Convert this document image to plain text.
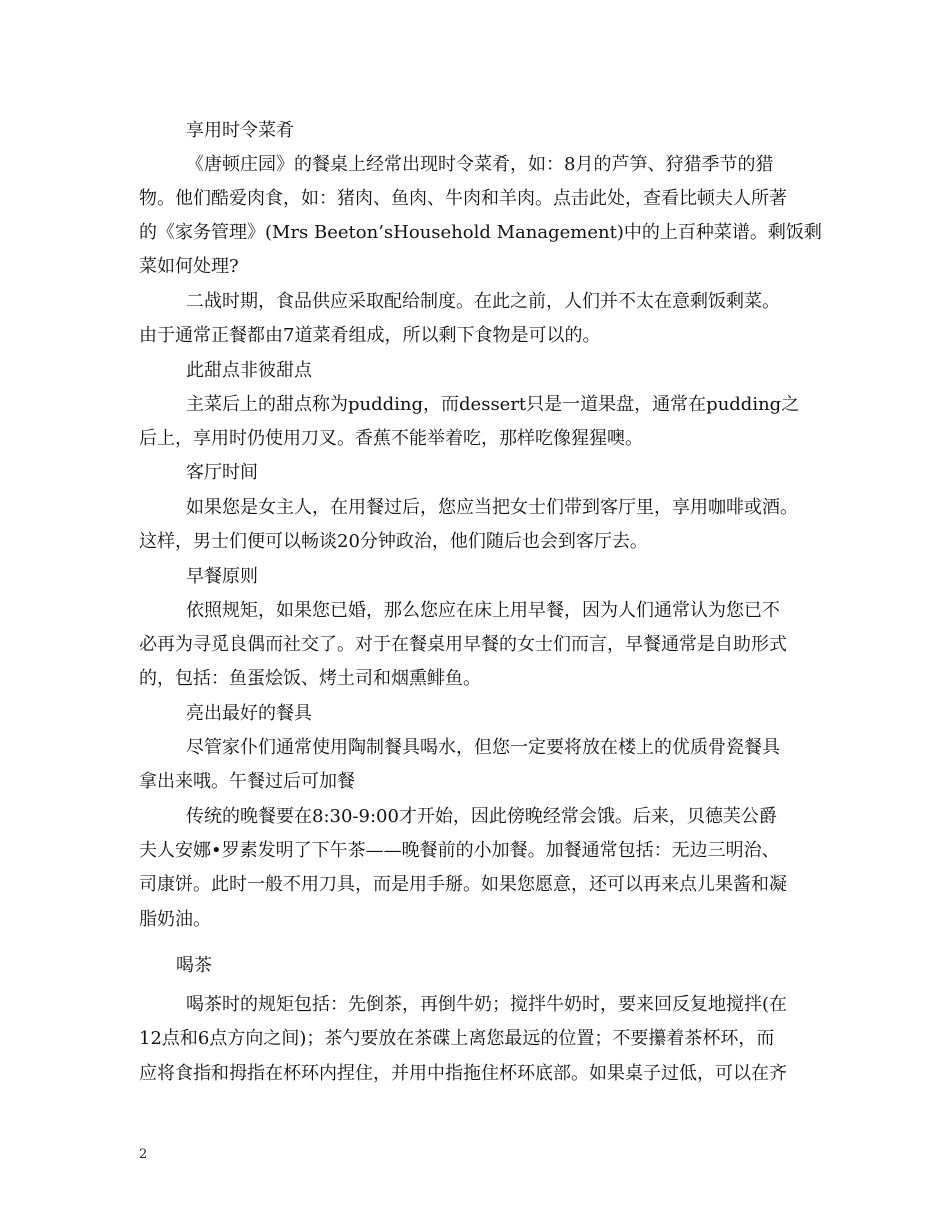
享用时令菜肴
《唐顿庄园》的餐桌上经常出现时令菜肴，如：8月的芦笋、狩猎季节的猎
物。他们酷爱肉食，如：猪肉、鱼肉、牛肉和羊肉。点击此处，查看比顿夫人所著
的《家务管理》(Mrs Beeton’sHousehold Management)中的上百种菜谱。剩饭剩
菜如何处理?
二战时期，食品供应采取配给制度。在此之前，人们并不太在意剩饭剩菜。
由于通常正餐都由7道菜肴组成，所以剩下食物是可以的。
此甜点非彼甜点
主菜后上的甜点称为pudding，而dessert只是一道果盘，通常在pudding之
后上，享用时仍使用刀叉。香蕉不能举着吃，那样吃像猩猩噢。
客厅时间
如果您是女主人，在用餐过后，您应当把女士们带到客厅里，享用咖啡或酒。
这样，男士们便可以畅谈20分钟政治，他们随后也会到客厅去。
早餐原则
依照规矩，如果您已婚，那么您应在床上用早餐，因为人们通常认为您已不
必再为寻觅良偶而社交了。对于在餐桌用早餐的女士们而言，早餐通常是自助形式
的，包括：鱼蛋烩饭、烤土司和烟熏鲱鱼。
亮出最好的餐具
尽管家仆们通常使用陶制餐具喝水，但您一定要将放在楼上的优质骨瓷餐具
拿出来哦。午餐过后可加餐
传统的晚餐要在8:30-9:00才开始，因此傍晚经常会饿。后来，贝德芙公爵
夫人安娜•罗素发明了下午茶——晚餐前的小加餐。加餐通常包括：无边三明治、
司康饼。此时一般不用刀具，而是用手掰。如果您愿意，还可以再来点儿果酱和凝
脂奶油。
喝茶
喝茶时的规矩包括：先倒茶，再倒牛奶；搅拌牛奶时，要来回反复地搅拌(在
12点和6点方向之间)；茶勺要放在茶碟上离您最远的位置；不要攥着茶杯环，而
应将食指和拇指在杯环内捏住，并用中指拖住杯环底部。如果桌子过低，可以在齐
2
